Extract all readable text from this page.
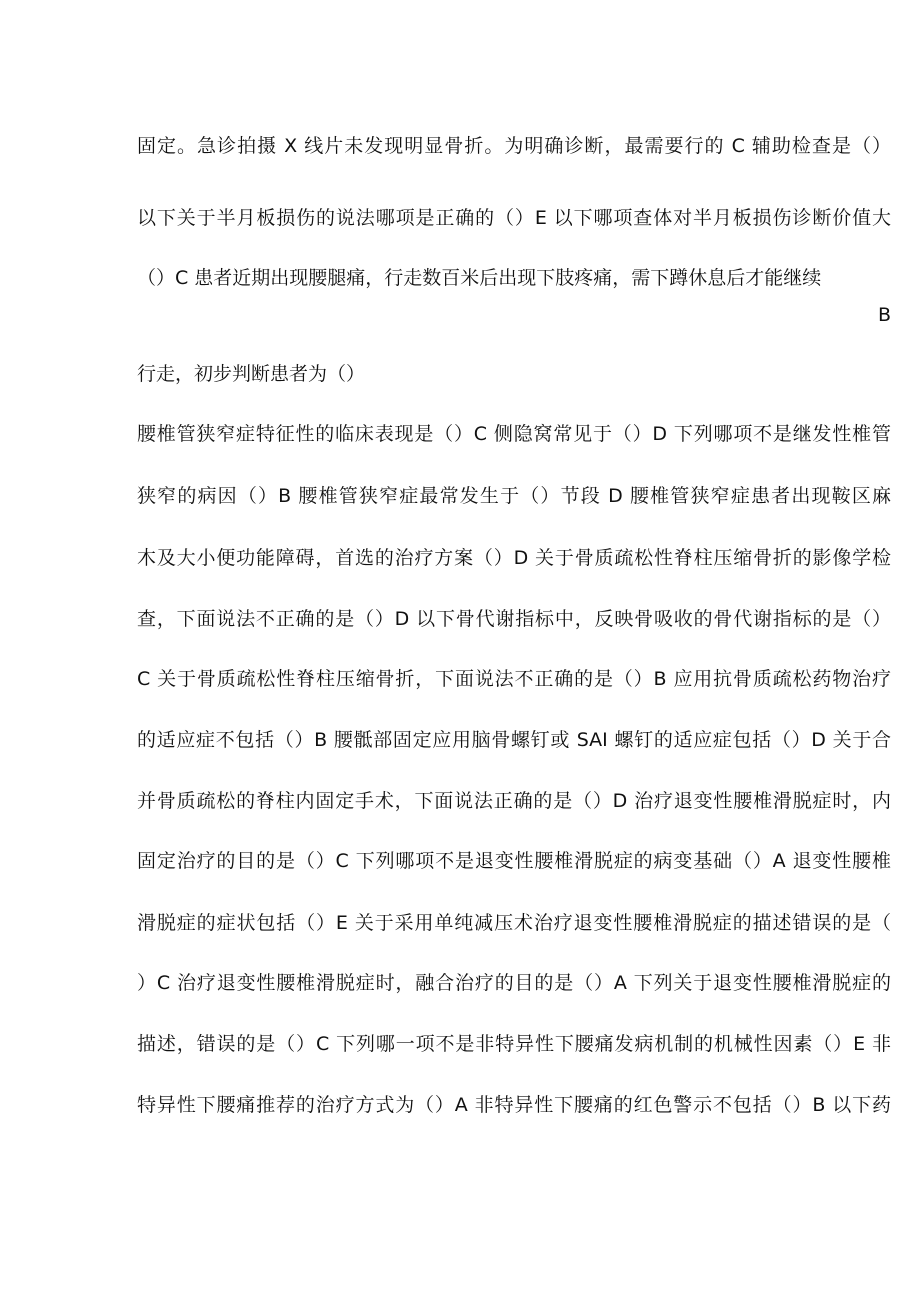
固定。急诊拍摄 X 线片未发现明显骨折。为明确诊断，最需要行的 C 辅助检查是（）
以下关于半月板损伤的说法哪项是正确的（）E 以下哪项查体对半月板损伤诊断价值大
（）C 患者近期出现腰腿痛，行走数百米后出现下肢疼痛，需下蹲休息后才能继续
B
行走，初步判断患者为（）
腰椎管狭窄症特征性的临床表现是（）C 侧隐窝常见于（）D 下列哪项不是继发性椎管
狭窄的病因（）B 腰椎管狭窄症最常发生于（）节段 D 腰椎管狭窄症患者出现鞍区麻
木及大小便功能障碍，首选的治疗方案（）D 关于骨质疏松性脊柱压缩骨折的影像学检
查，下面说法不正确的是（）D 以下骨代谢指标中，反映骨吸收的骨代谢指标的是（）
C 关于骨质疏松性脊柱压缩骨折，下面说法不正确的是（）B 应用抗骨质疏松药物治疗
的适应症不包括（）B 腰骶部固定应用脑骨螺钉或 SAI 螺钉的适应症包括（）D 关于合
并骨质疏松的脊柱内固定手术，下面说法正确的是（）D 治疗退变性腰椎滑脱症时，内
固定治疗的目的是（）C 下列哪项不是退变性腰椎滑脱症的病变基础（）A 退变性腰椎
滑脱症的症状包括（）E 关于采用单纯减压术治疗退变性腰椎滑脱症的描述错误的是（
）C 治疗退变性腰椎滑脱症时，融合治疗的目的是（）A 下列关于退变性腰椎滑脱症的
描述，错误的是（）C 下列哪一项不是非特异性下腰痛发病机制的机械性因素（）E 非
特异性下腰痛推荐的治疗方式为（）A 非特异性下腰痛的红色警示不包括（）B 以下药
